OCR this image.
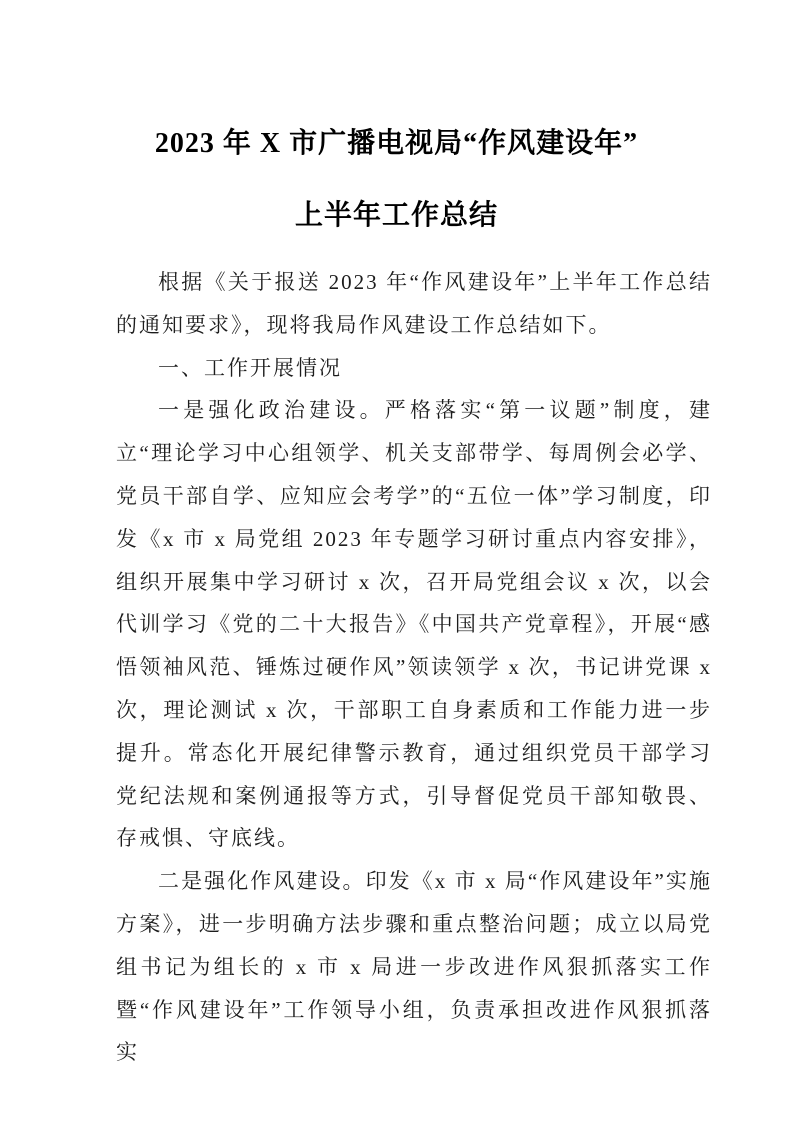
2023 年 X 市广播电视局“作风建设年”
上半年工作总结

根据《关于报送 2023 年“作风建设年”上半年工作总结的通知要求》，现将我局作风建设工作总结如下。

一、工作开展情况

一是强化政治建设。严格落实“第一议题”制度，建立“理论学习中心组领学、机关支部带学、每周例会必学、党员干部自学、应知应会考学”的“五位一体”学习制度，印发《x 市 x 局党组 2023 年专题学习研讨重点内容安排》，组织开展集中学习研讨 x 次，召开局党组会议 x 次，以会代训学习《党的二十大报告》《中国共产党章程》，开展“感悟领袖风范、锤炼过硬作风”领读领学 x 次，书记讲党课 x 次，理论测试 x 次，干部职工自身素质和工作能力进一步提升。常态化开展纪律警示教育，通过组织党员干部学习党纪法规和案例通报等方式，引导督促党员干部知敬畏、存戒惧、守底线。

二是强化作风建设。印发《x 市 x 局“作风建设年”实施方案》，进一步明确方法步骤和重点整治问题；成立以局党组书记为组长的 x 市 x 局进一步改进作风狠抓落实工作暨“作风建设年”工作领导小组，负责承担改进作风狠抓落实
